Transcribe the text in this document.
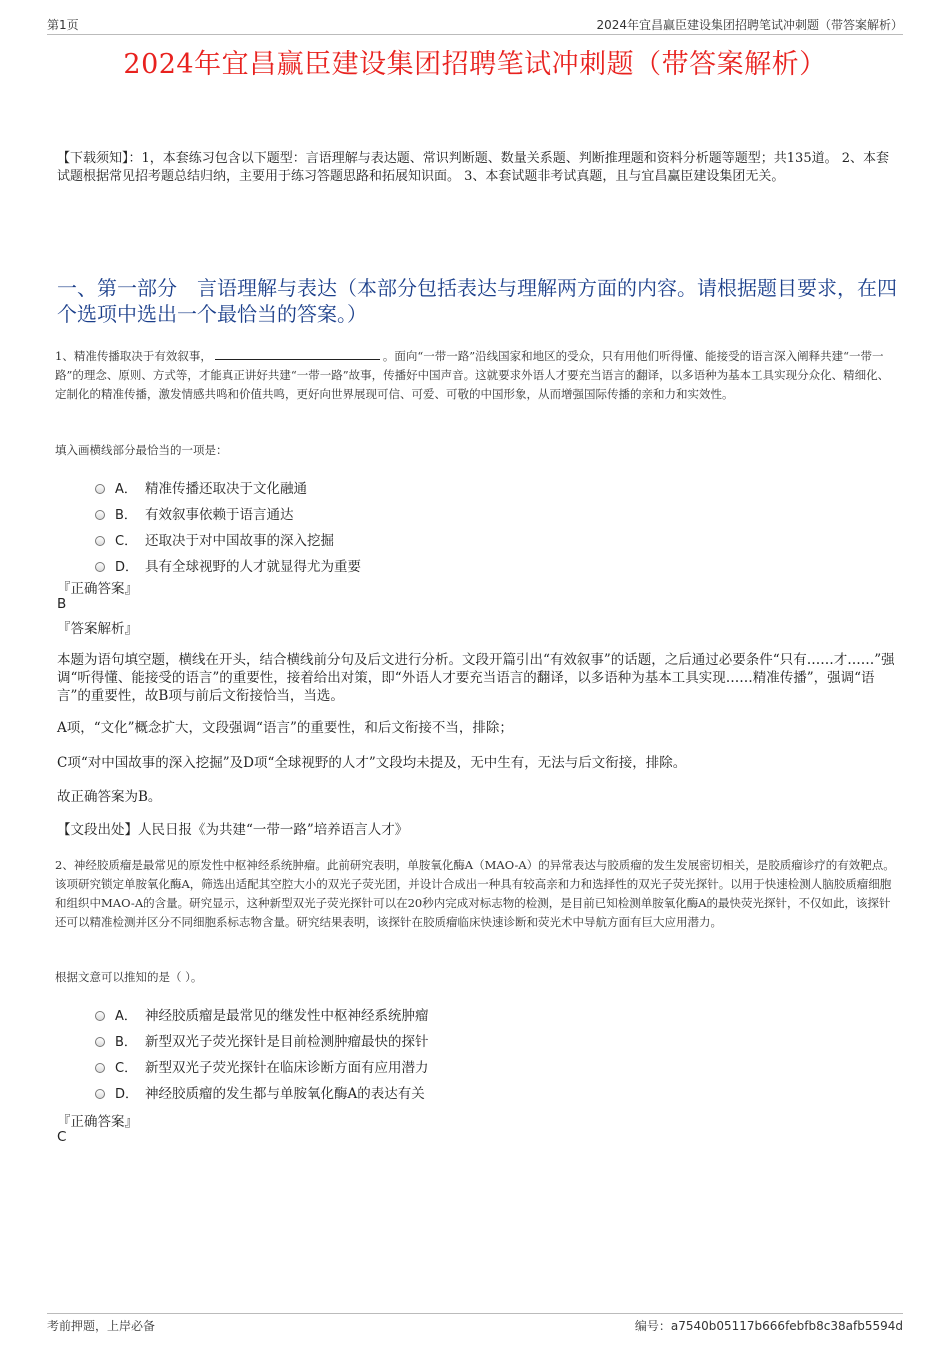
第1页	2024年宜昌赢臣建设集团招聘笔试冲刺题（带答案解析）
2024年宜昌赢臣建设集团招聘笔试冲刺题（带答案解析）

【下载须知】：1，本套练习包含以下题型：言语理解与表达题、常识判断题、数量关系题、判断推理题和资料分析题等题型；共135道。 2、本套试题根据常见招考题总结归纳，主要用于练习答题思路和拓展知识面。 3、本套试题非考试真题，且与宜昌赢臣建设集团无关。

一、第一部分　言语理解与表达（本部分包括表达与理解两方面的内容。请根据题目要求，在四个选项中选出一个最恰当的答案。）

1、精准传播取决于有效叙事，	。面向“一带一路”沿线国家和地区的受众，只有用他们听得懂、能接受的语言深入阐释共建“一带一路”的理念、原则、方式等，才能真正讲好共建“一带一路”故事，传播好中国声音。这就要求外语人才要充当语言的翻译，以多语种为基本工具实现分众化、精细化、定制化的精准传播，激发情感共鸣和价值共鸣，更好向世界展现可信、可爱、可敬的中国形象，从而增强国际传播的亲和力和实效性。

填入画横线部分最恰当的一项是：

A． 精准传播还取决于文化融通
B． 有效叙事依赖于语言通达
C． 还取决于对中国故事的深入挖掘
D． 具有全球视野的人才就显得尤为重要

『正确答案』

B

『答案解析』

本题为语句填空题，横线在开头，结合横线前分句及后文进行分析。文段开篇引出“有效叙事”的话题，之后通过必要条件“只有……才……”强调“听得懂、能接受的语言”的重要性，接着给出对策，即“外语人才要充当语言的翻译，以多语种为基本工具实现……精准传播”，强调“语言”的重要性，故B项与前后文衔接恰当，当选。

A项，“文化”概念扩大，文段强调“语言”的重要性，和后文衔接不当，排除；

C项“对中国故事的深入挖掘”及D项“全球视野的人才”文段均未提及，无中生有，无法与后文衔接，排除。

故正确答案为B。

【文段出处】人民日报《为共建“一带一路”培养语言人才》

2、神经胶质瘤是最常见的原发性中枢神经系统肿瘤。此前研究表明，单胺氧化酶A（MAO-A）的异常表达与胶质瘤的发生发展密切相关，是胶质瘤诊疗的有效靶点。该项研究锁定单胺氧化酶A，筛选出适配其空腔大小的双光子荧光团，并设计合成出一种具有较高亲和力和选择性的双光子荧光探针。以用于快速检测人脑胶质瘤细胞和组织中MAO-A的含量。研究显示，这种新型双光子荧光探针可以在20秒内完成对标志物的检测，是目前已知检测单胺氧化酶A的最快荧光探针，不仅如此，该探针还可以精准检测并区分不同细胞系标志物含量。研究结果表明，该探针在胶质瘤临床快速诊断和荧光术中导航方面有巨大应用潜力。

根据文意可以推知的是（ ）。

A． 神经胶质瘤是最常见的继发性中枢神经系统肿瘤
B． 新型双光子荧光探针是目前检测肿瘤最快的探针
C． 新型双光子荧光探针在临床诊断方面有应用潜力
D． 神经胶质瘤的发生都与单胺氧化酶A的表达有关

『正确答案』

C

考前押题，上岸必备	编号：a7540b05117b666febfb8c38afb5594d
